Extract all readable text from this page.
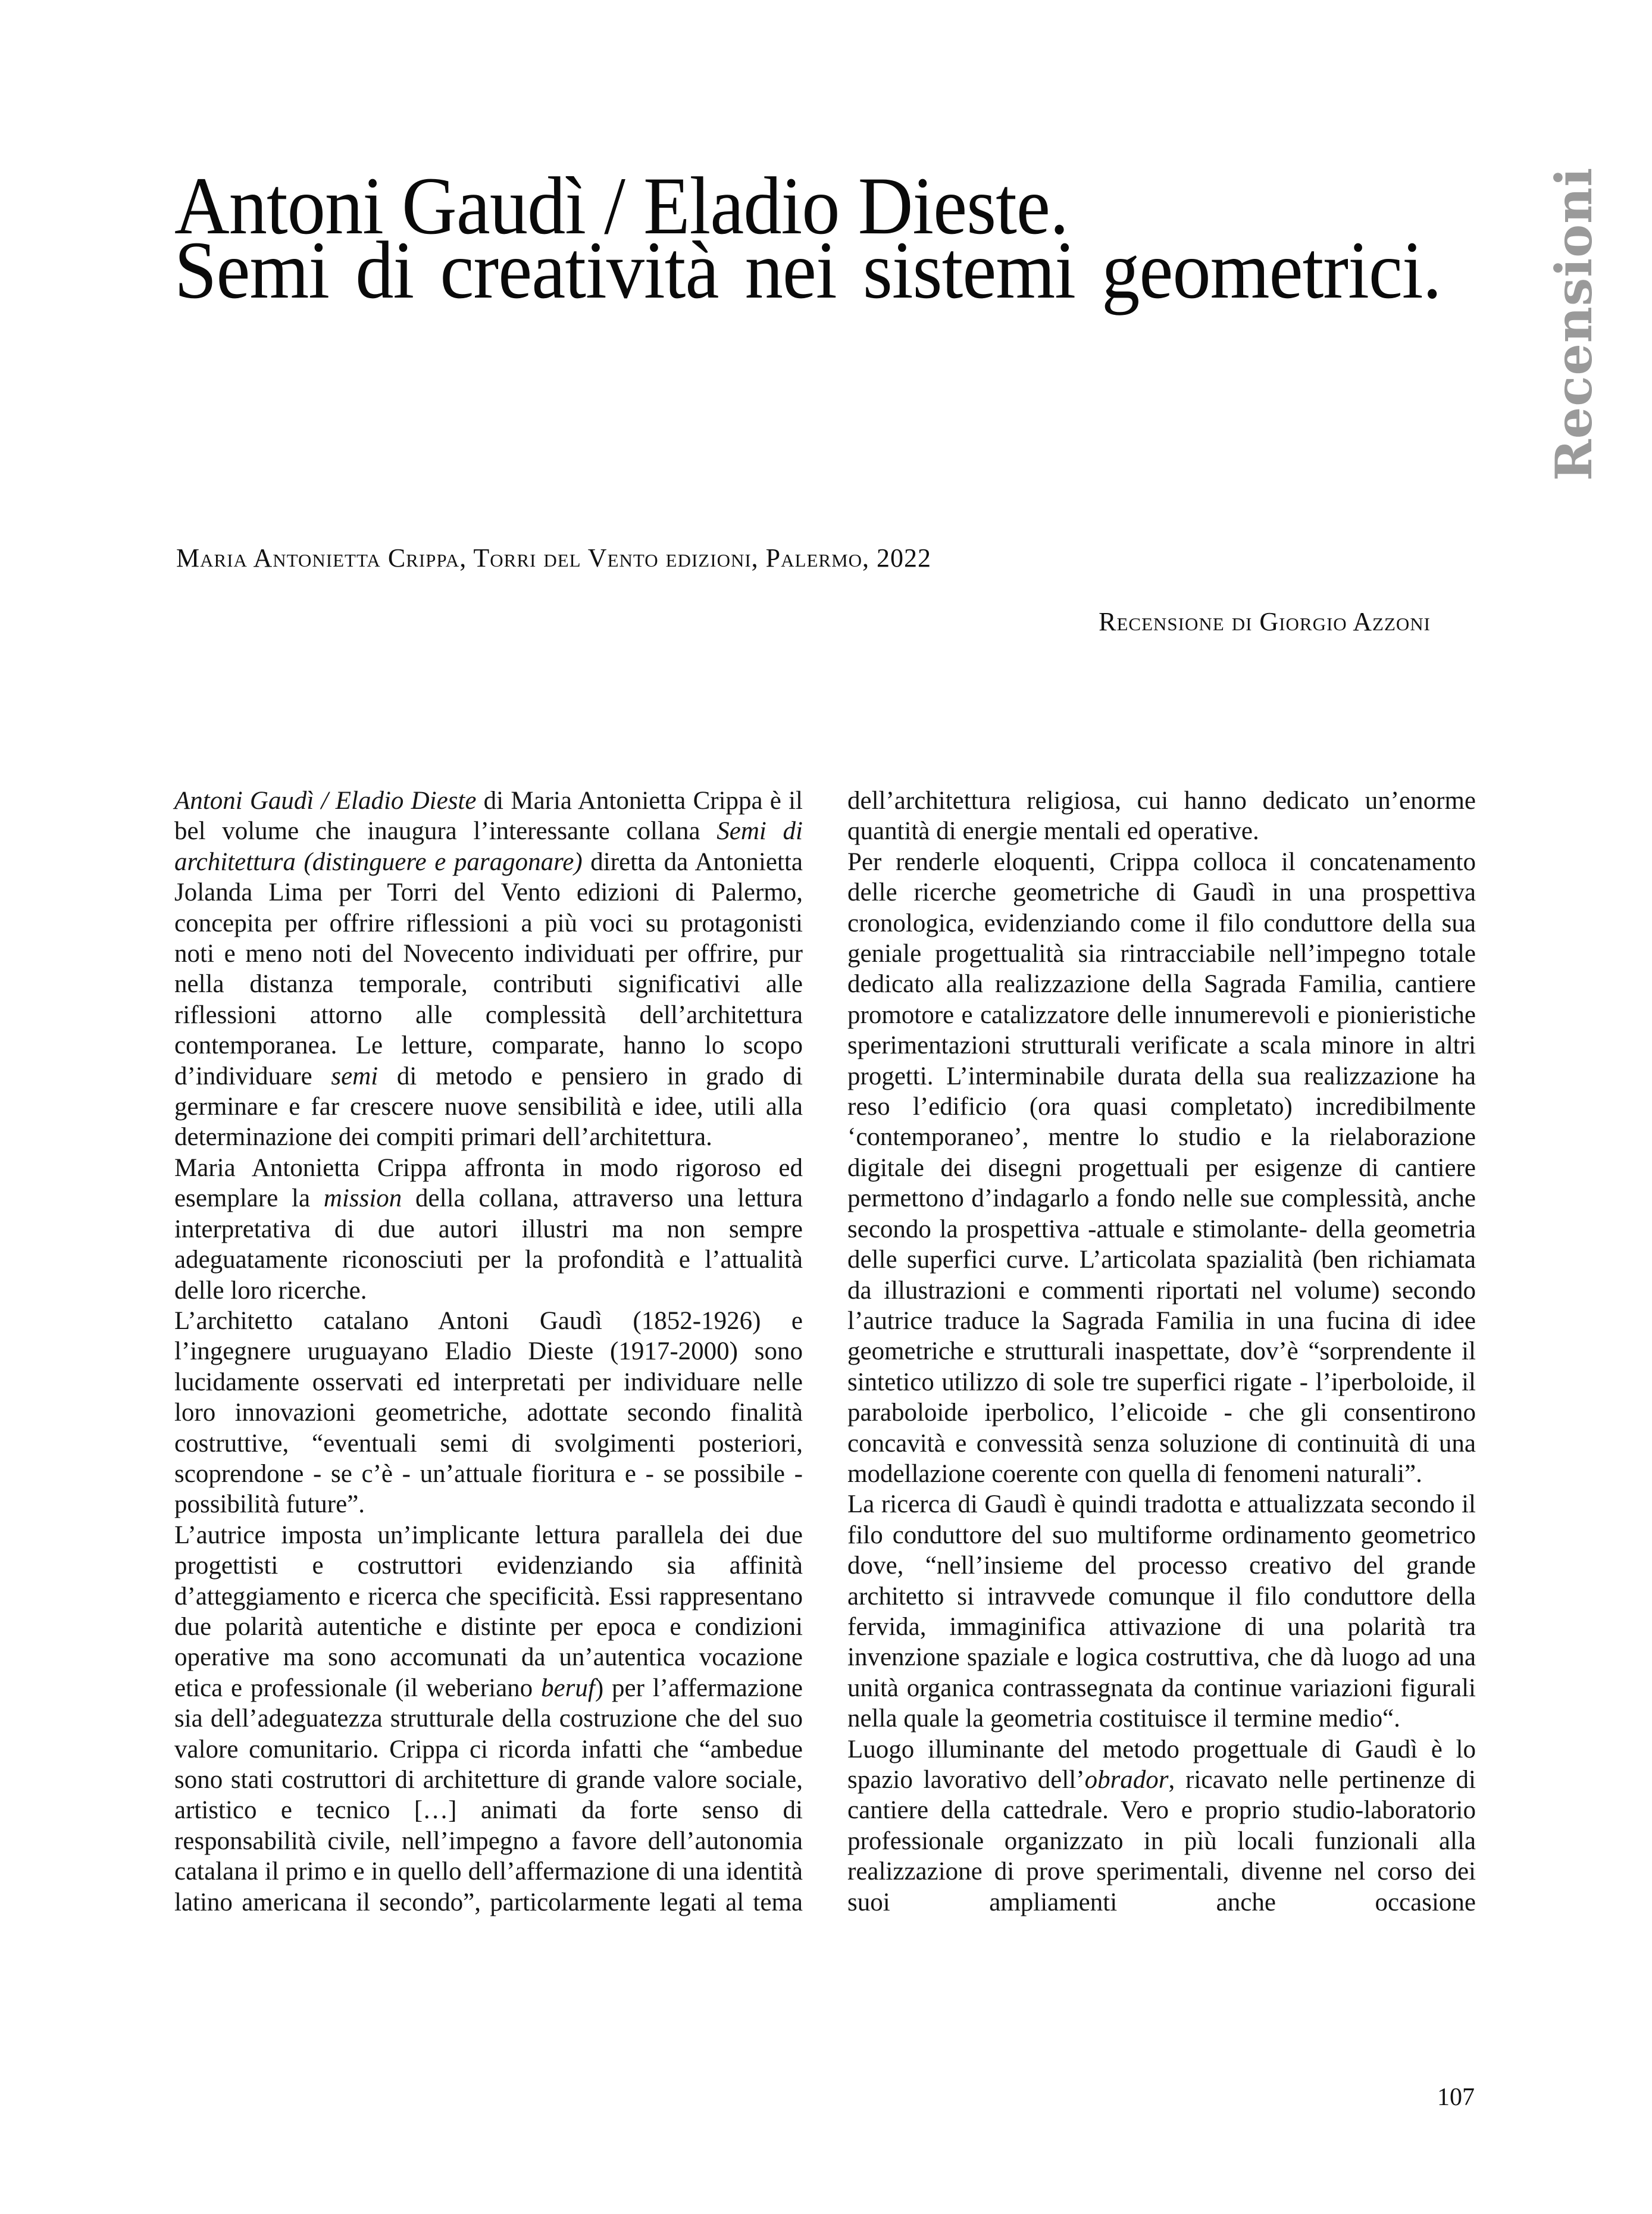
Antoni Gaudì / Eladio Dieste.
Semi di creatività nei sistemi geometrici. Recensioni
Maria Antonietta Crippa, Torri del Vento edizioni, Palermo, 2022
Recensione di Giorgio Azzoni

Antoni Gaudì / Eladio Dieste di Maria Antonietta Crippa è il bel volume che inaugura l’interessante collana Semi di architettura (distinguere e paragonare) diretta da Antonietta Jolanda Lima per Torri del Vento edizioni di Palermo, concepita per offrire riflessioni a più voci su protagonisti noti e meno noti del Novecento individuati per offrire, pur nella distanza temporale, contributi significativi alle riflessioni attorno alle complessità dell’architettura contemporanea. Le letture, comparate, hanno lo scopo d’individuare semi di metodo e pensiero in grado di germinare e far crescere nuove sensibilità e idee, utili alla determinazione dei compiti primari dell’architettura.

Maria Antonietta Crippa affronta in modo rigoroso ed esemplare la mission della collana, attraverso una lettura interpretativa di due autori illustri ma non sempre adeguatamente riconosciuti per la profondità e l’attualità delle loro ricerche.

L’architetto catalano Antoni Gaudì (1852-1926) e l’ingegnere uruguayano Eladio Dieste (1917-2000) sono lucidamente osservati ed interpretati per individuare nelle loro innovazioni geometriche, adottate secondo finalità costruttive, “eventuali semi di svolgimenti posteriori, scoprendone - se c’è - un’attuale fioritura e - se possibile - possibilità future”.

L’autrice imposta un’implicante lettura parallela dei due progettisti e costruttori evidenziando sia affinità d’atteggiamento e ricerca che specificità. Essi rappresentano due polarità autentiche e distinte per epoca e condizioni operative ma sono accomunati da un’autentica vocazione etica e professionale (il weberiano beruf) per l’affermazione sia dell’adeguatezza strutturale della costruzione che del suo valore comunitario. Crippa ci ricorda infatti che “ambedue sono stati costruttori di architetture di grande valore sociale, artistico e tecnico […] animati da forte senso di responsabilità civile, nell’impegno a favore dell’autonomia catalana il primo e in quello dell’affermazione di una identità latino americana il secondo”, particolarmente legati al tema

dell’architettura religiosa, cui hanno dedicato un’enorme quantità di energie mentali ed operative.

Per renderle eloquenti, Crippa colloca il concatenamento delle ricerche geometriche di Gaudì in una prospettiva cronologica, evidenziando come il filo conduttore della sua geniale progettualità sia rintracciabile nell’impegno totale dedicato alla realizzazione della Sagrada Familia, cantiere promotore e catalizzatore delle innumerevoli e pionieristiche sperimentazioni strutturali verificate a scala minore in altri progetti. L’interminabile durata della sua realizzazione ha reso l’edificio (ora quasi completato) incredibilmente ‘contemporaneo’, mentre lo studio e la rielaborazione digitale dei disegni progettuali per esigenze di cantiere permettono d’indagarlo a fondo nelle sue complessità, anche secondo la prospettiva -attuale e stimolante- della geometria delle superfici curve. L’articolata spazialità (ben richiamata da illustrazioni e commenti riportati nel volume) secondo l’autrice traduce la Sagrada Familia in una fucina di idee geometriche e strutturali inaspettate, dov’è “sorprendente il sintetico utilizzo di sole tre superfici rigate - l’iperboloide, il paraboloide iperbolico, l’elicoide - che gli consentirono concavità e convessità senza soluzione di continuità di una modellazione coerente con quella di fenomeni naturali”.

La ricerca di Gaudì è quindi tradotta e attualizzata secondo il filo conduttore del suo multiforme ordinamento geometrico dove, “nell’insieme del processo creativo del grande architetto si intravvede comunque il filo conduttore della fervida, immaginifica attivazione di una polarità tra invenzione spaziale e logica costruttiva, che dà luogo ad una unità organica contrassegnata da continue variazioni figurali nella quale la geometria costituisce il termine medio“.

Luogo illuminante del metodo progettuale di Gaudì è lo spazio lavorativo dell’obrador, ricavato nelle pertinenze di cantiere della cattedrale. Vero e proprio studio-laboratorio professionale organizzato in più locali funzionali alla realizzazione di prove sperimentali, divenne nel corso dei suoi ampliamenti anche occasione

107
